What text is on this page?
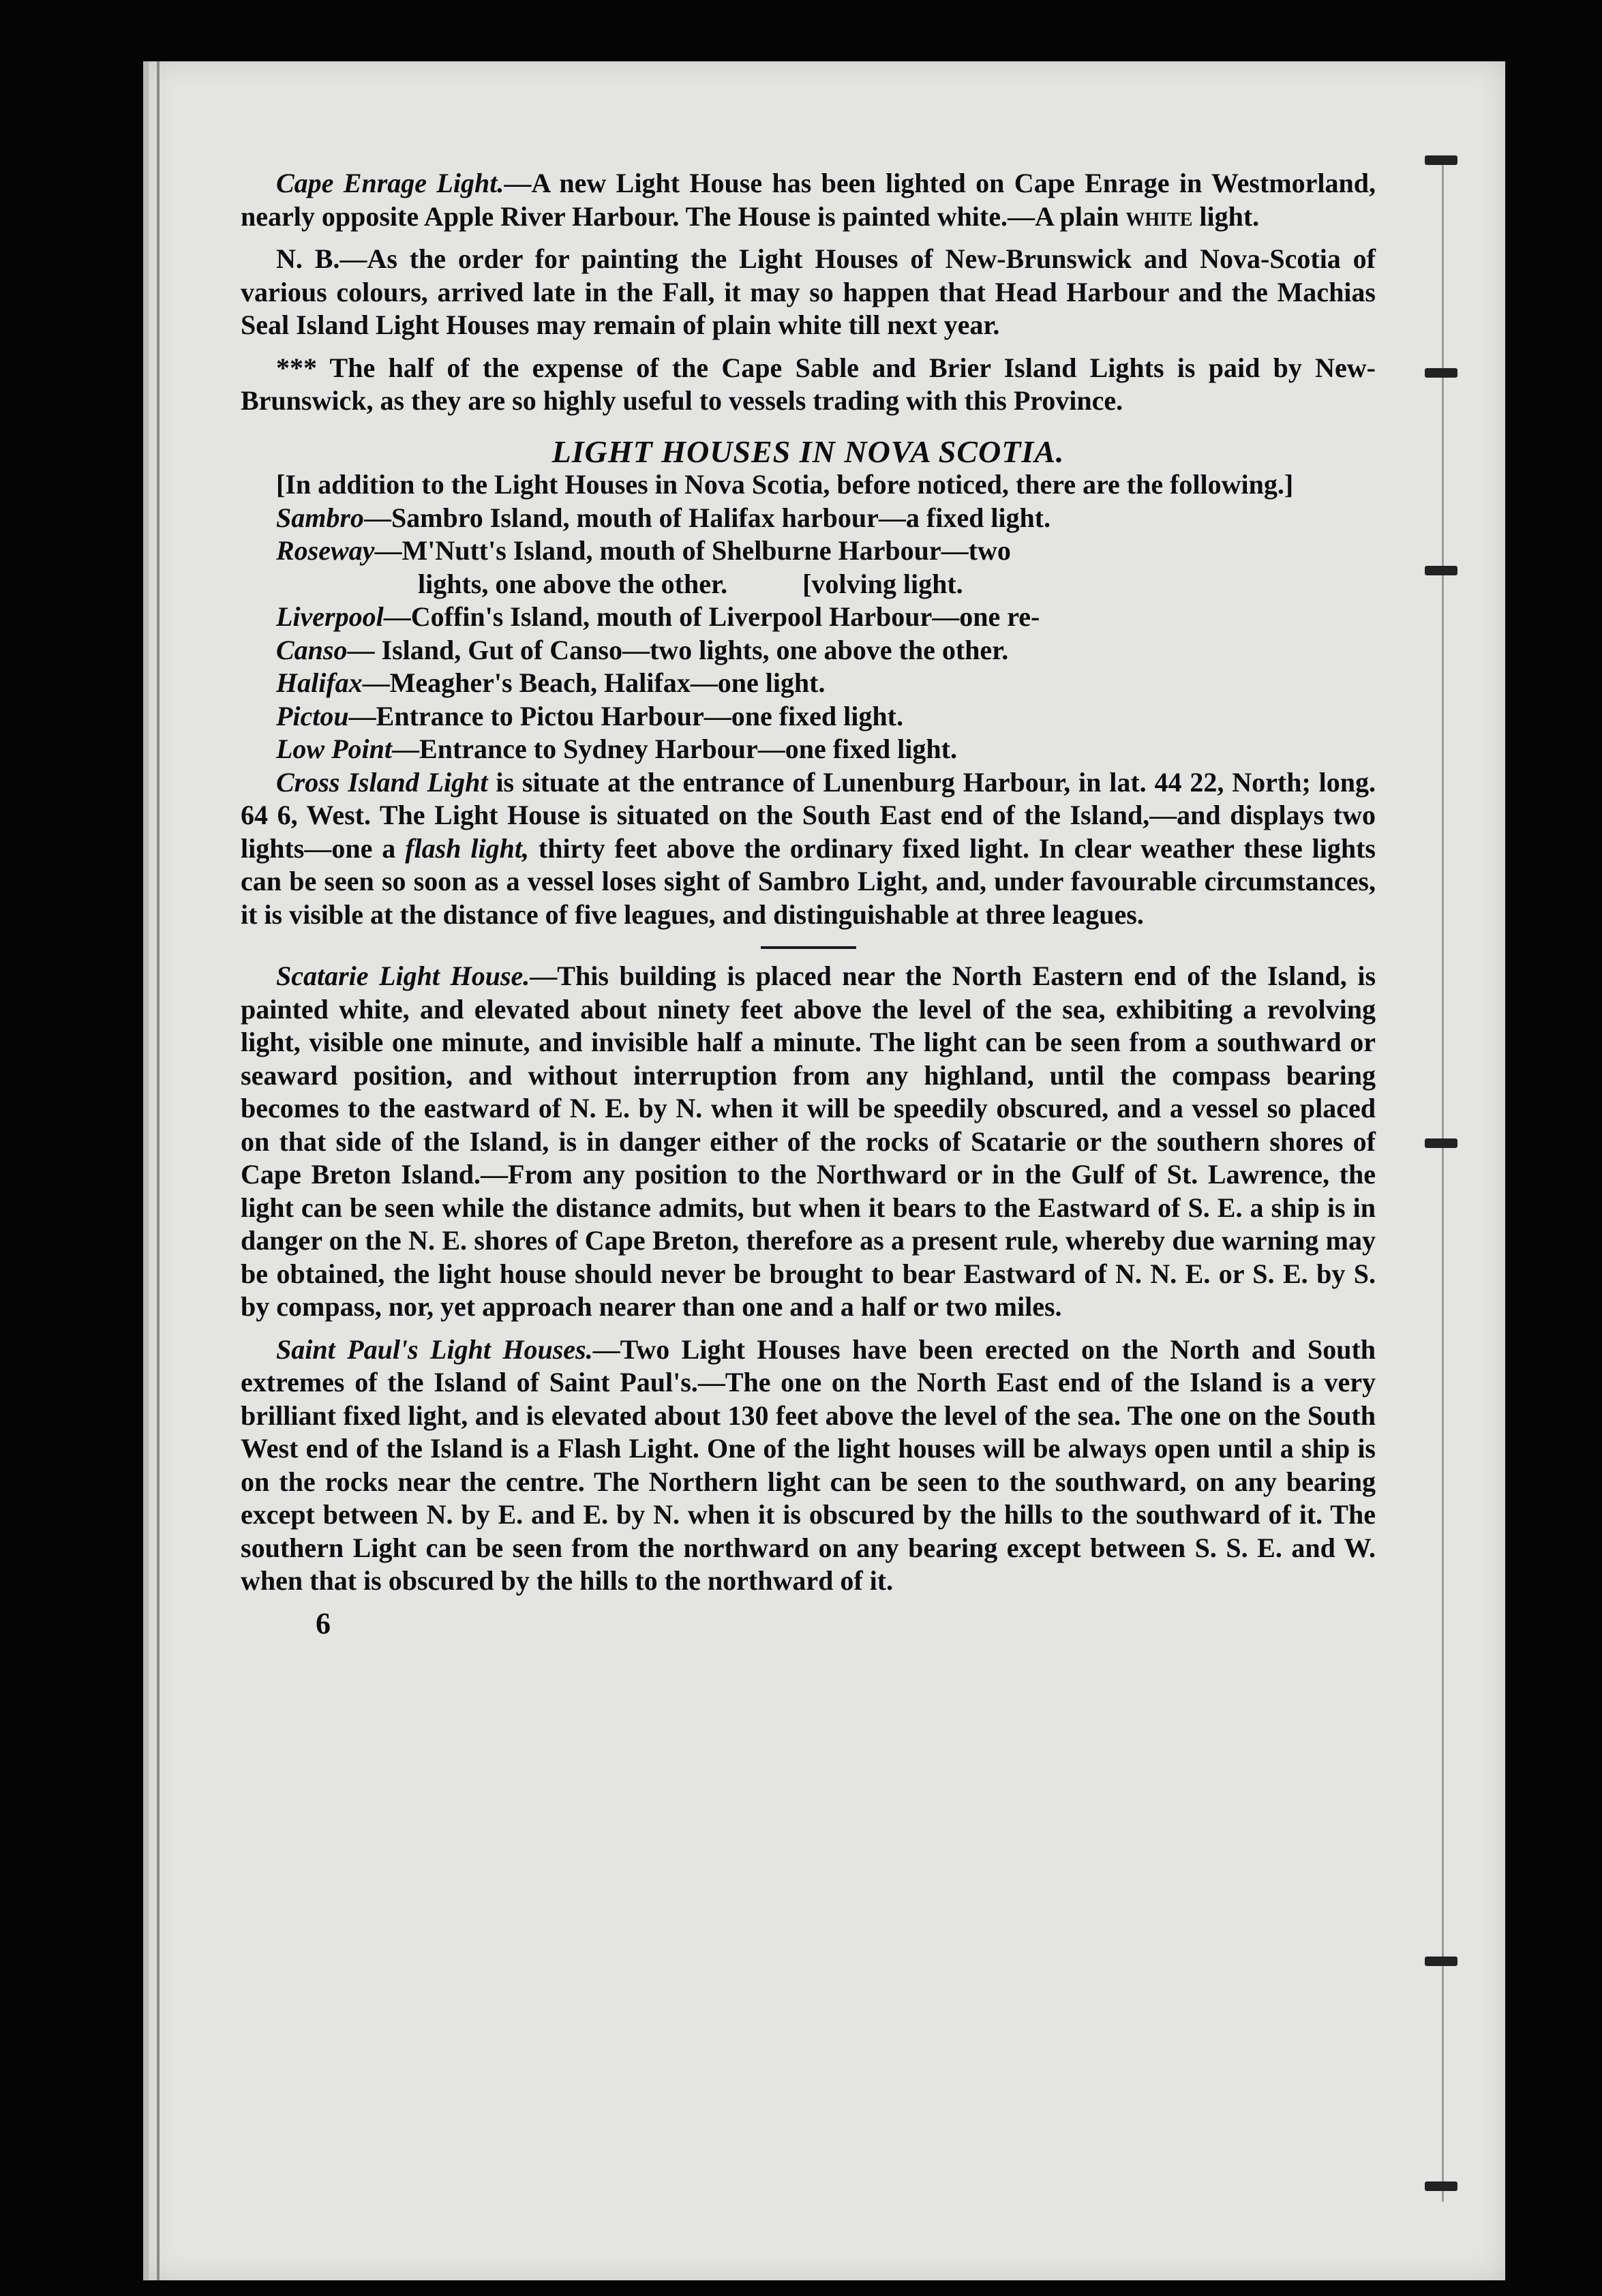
Cape Enrage Light.—A new Light House has been lighted on Cape Enrage in Westmorland, nearly opposite Apple River Harbour. The House is painted white.—A plain white light.

N. B.—As the order for painting the Light Houses of New-Brunswick and Nova-Scotia of various colours, arrived late in the Fall, it may so happen that Head Harbour and the Machias Seal Island Light Houses may remain of plain white till next year.

*** The half of the expense of the Cape Sable and Brier Island Lights is paid by New-Brunswick, as they are so highly useful to vessels trading with this Province.

LIGHT HOUSES IN NOVA SCOTIA.

[In addition to the Light Houses in Nova Scotia, before noticed, there are the following.]

Sambro—Sambro Island, mouth of Halifax harbour—a fixed light.

Roseway—M'Nutt's Island, mouth of Shelburne Harbour—two

lights, one above the other.           [volving light.

Liverpool—Coffin's Island, mouth of Liverpool Harbour—one re-

Canso— Island, Gut of Canso—two lights, one above the other.

Halifax—Meagher's Beach, Halifax—one light.

Pictou—Entrance to Pictou Harbour—one fixed light.

Low Point—Entrance to Sydney Harbour—one fixed light.

Cross Island Light is situate at the entrance of Lunenburg Harbour, in lat. 44 22, North; long. 64 6, West. The Light House is situated on the South East end of the Island,—and displays two lights—one a flash light, thirty feet above the ordinary fixed light. In clear weather these lights can be seen so soon as a vessel loses sight of Sambro Light, and, under favourable circumstances, it is visible at the distance of five leagues, and distinguishable at three leagues.

Scatarie Light House.—This building is placed near the North Eastern end of the Island, is painted white, and elevated about ninety feet above the level of the sea, exhibiting a revolving light, visible one minute, and invisible half a minute. The light can be seen from a southward or seaward position, and without interruption from any highland, until the compass bearing becomes to the eastward of N. E. by N. when it will be speedily obscured, and a vessel so placed on that side of the Island, is in danger either of the rocks of Scatarie or the southern shores of Cape Breton Island.—From any position to the Northward or in the Gulf of St. Lawrence, the light can be seen while the distance admits, but when it bears to the Eastward of S. E. a ship is in danger on the N. E. shores of Cape Breton, therefore as a present rule, whereby due warning may be obtained, the light house should never be brought to bear Eastward of N. N. E. or S. E. by S. by compass, nor, yet approach nearer than one and a half or two miles.

Saint Paul's Light Houses.—Two Light Houses have been erected on the North and South extremes of the Island of Saint Paul's.—The one on the North East end of the Island is a very brilliant fixed light, and is elevated about 130 feet above the level of the sea. The one on the South West end of the Island is a Flash Light. One of the light houses will be always open until a ship is on the rocks near the centre. The Northern light can be seen to the southward, on any bearing except between N. by E. and E. by N. when it is obscured by the hills to the southward of it. The southern Light can be seen from the northward on any bearing except between S. S. E. and W. when that is obscured by the hills to the northward of it.

6
